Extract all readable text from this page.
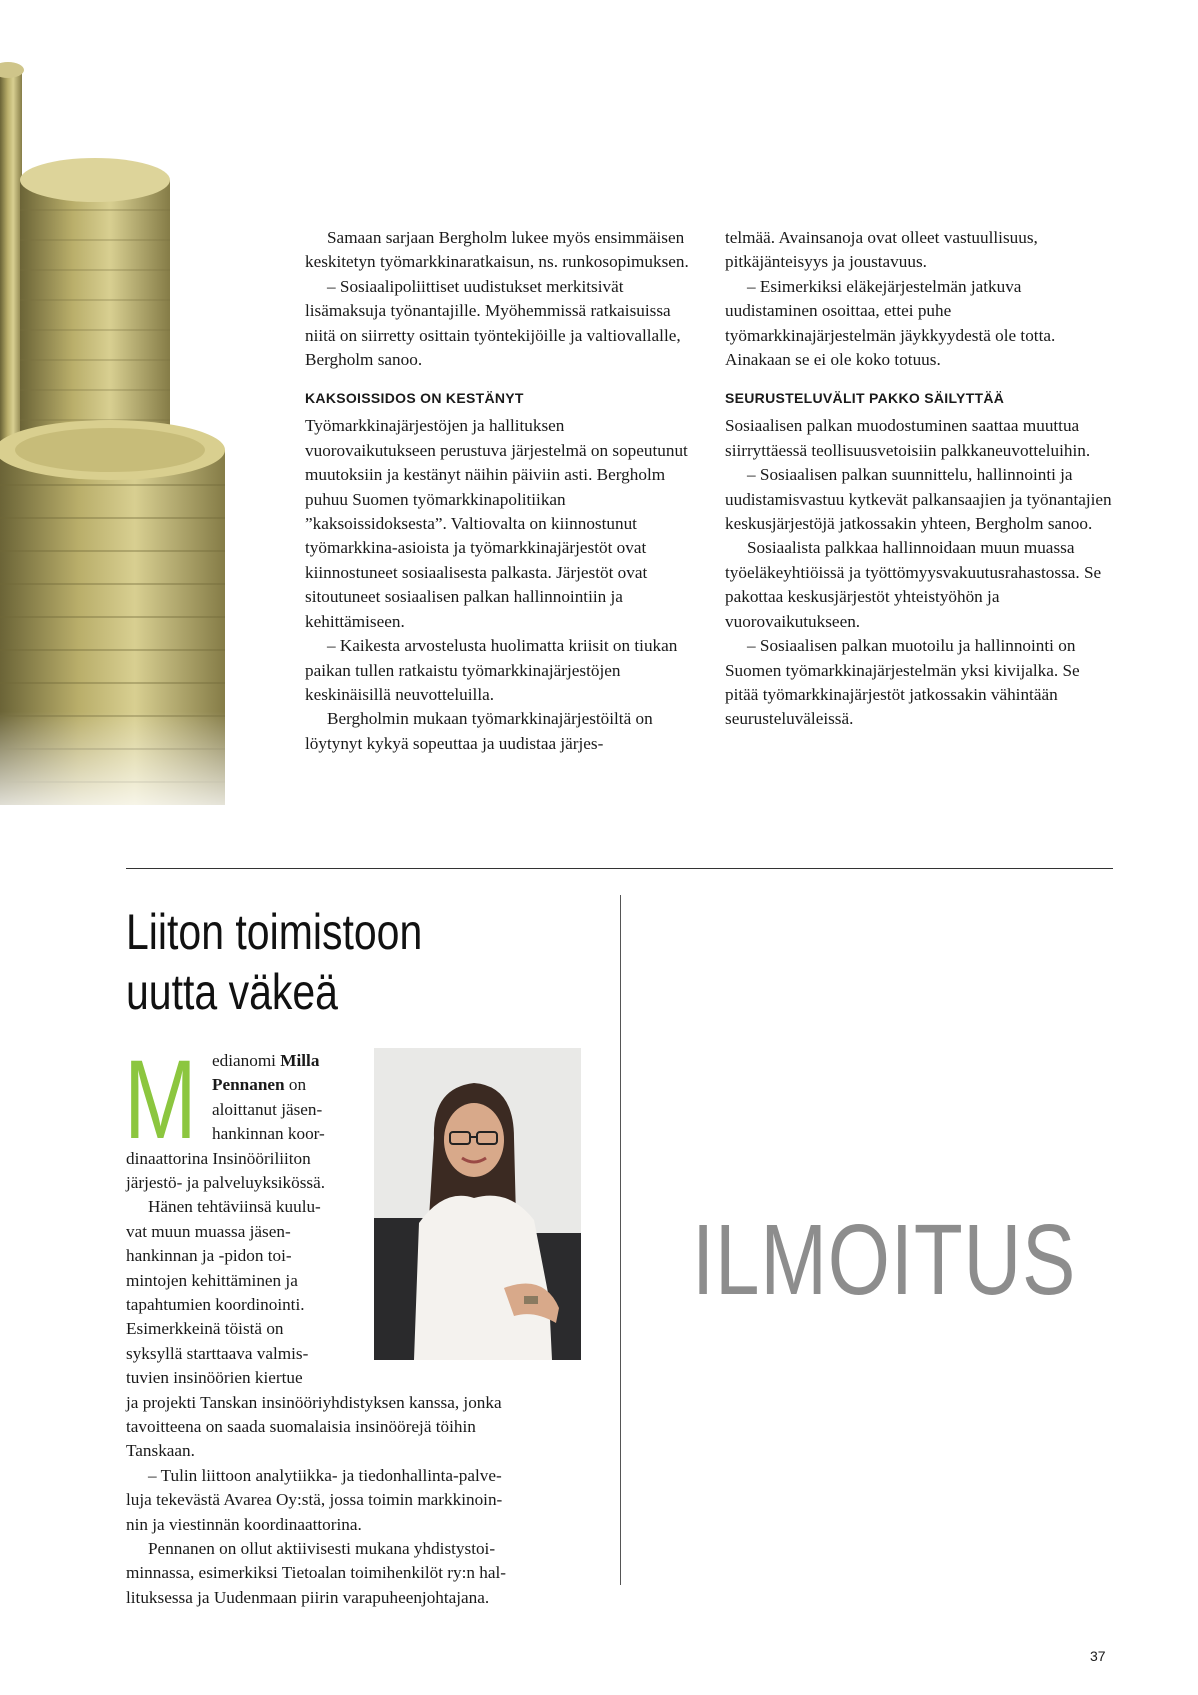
Samaan sarjaan Bergholm lukee myös ensimmäisen keskitetyn työmarkkinaratkaisun, ns. runkosopimuksen.

– Sosiaalipoliittiset uudistukset merkitsivät lisämaksuja työnantajille. Myöhemmissä ratkaisuissa niitä on siirretty osittain työntekijöille ja valtiovallalle, Bergholm sanoo.

KAKSOISSIDOS ON KESTÄNYT

Työmarkkinajärjestöjen ja hallituksen vuorovaikutukseen perustuva järjestelmä on sopeutunut muutoksiin ja kestänyt näihin päiviin asti. Bergholm puhuu Suomen työmarkkinapolitiikan ”kaksoissidoksesta”. Valtiovalta on kiinnostunut työmarkkina-asioista ja työmarkkinajärjestöt ovat kiinnostuneet sosiaalisesta palkasta. Järjestöt ovat sitoutuneet sosiaalisen palkan hallinnointiin ja kehittämiseen.

– Kaikesta arvostelusta huolimatta kriisit on tiukan paikan tullen ratkaistu työmarkkinajärjestöjen keskinäisillä neuvotteluilla.

Bergholmin mukaan työmarkkinajärjestöiltä on löytynyt kykyä sopeuttaa ja uudistaa järjes-

telmää. Avainsanoja ovat olleet vastuullisuus, pitkäjänteisyys ja joustavuus.

– Esimerkiksi eläkejärjestelmän jatkuva uudistaminen osoittaa, ettei puhe työmarkkinajärjestelmän jäykkyydestä ole totta. Ainakaan se ei ole koko totuus.

SEURUSTELUVÄLIT PAKKO SÄILYTTÄÄ

Sosiaalisen palkan muodostuminen saattaa muuttua siirryttäessä teollisuusvetoisiin palkkaneuvotteluihin.

– Sosiaalisen palkan suunnittelu, hallinnointi ja uudistamisvastuu kytkevät palkansaajien ja työnantajien keskusjärjestöjä jatkossakin yhteen, Bergholm sanoo.

Sosiaalista palkkaa hallinnoidaan muun muassa työeläkeyhtiöissä ja työttömyysvakuutusrahastossa. Se pakottaa keskusjärjestöt yhteistyöhön ja vuorovaikutukseen.

– Sosiaalisen palkan muotoilu ja hallinnointi on Suomen työmarkkinajärjestelmän yksi kivijalka. Se pitää työmarkkinajärjestöt jatkossakin vähintään seurusteluväleissä.

Liiton toimistoon
uutta väkeä
M edianomi Milla
Pennanen on
aloittanut jäsen-
hankinnan koor-
dinaattorina Insinööriliiton
järjestö- ja palveluyksikössä.
Hänen tehtäviinsä kuulu-
vat muun muassa jäsen-
hankinnan ja -pidon toi-
mintojen kehittäminen ja
tapahtumien koordinointi.
Esimerkkeinä töistä on
syksyllä starttaava valmis-
tuvien insinöörien kiertue
ja projekti Tanskan insinööriyhdistyksen kanssa, jonka
tavoitteena on saada suomalaisia insinöörejä töihin
Tanskaan.
– Tulin liittoon analytiikka- ja tiedonhallinta-palve-
luja tekevästä Avarea Oy:stä, jossa toimin markkinoin-
nin ja viestinnän koordinaattorina.
Pennanen on ollut aktiivisesti mukana yhdistystoi-
minnassa, esimerkiksi Tietoalan toimihenkilöt ry:n hal-
lituksessa ja Uudenmaan piirin varapuheenjohtajana.
ILMOITUS
37
